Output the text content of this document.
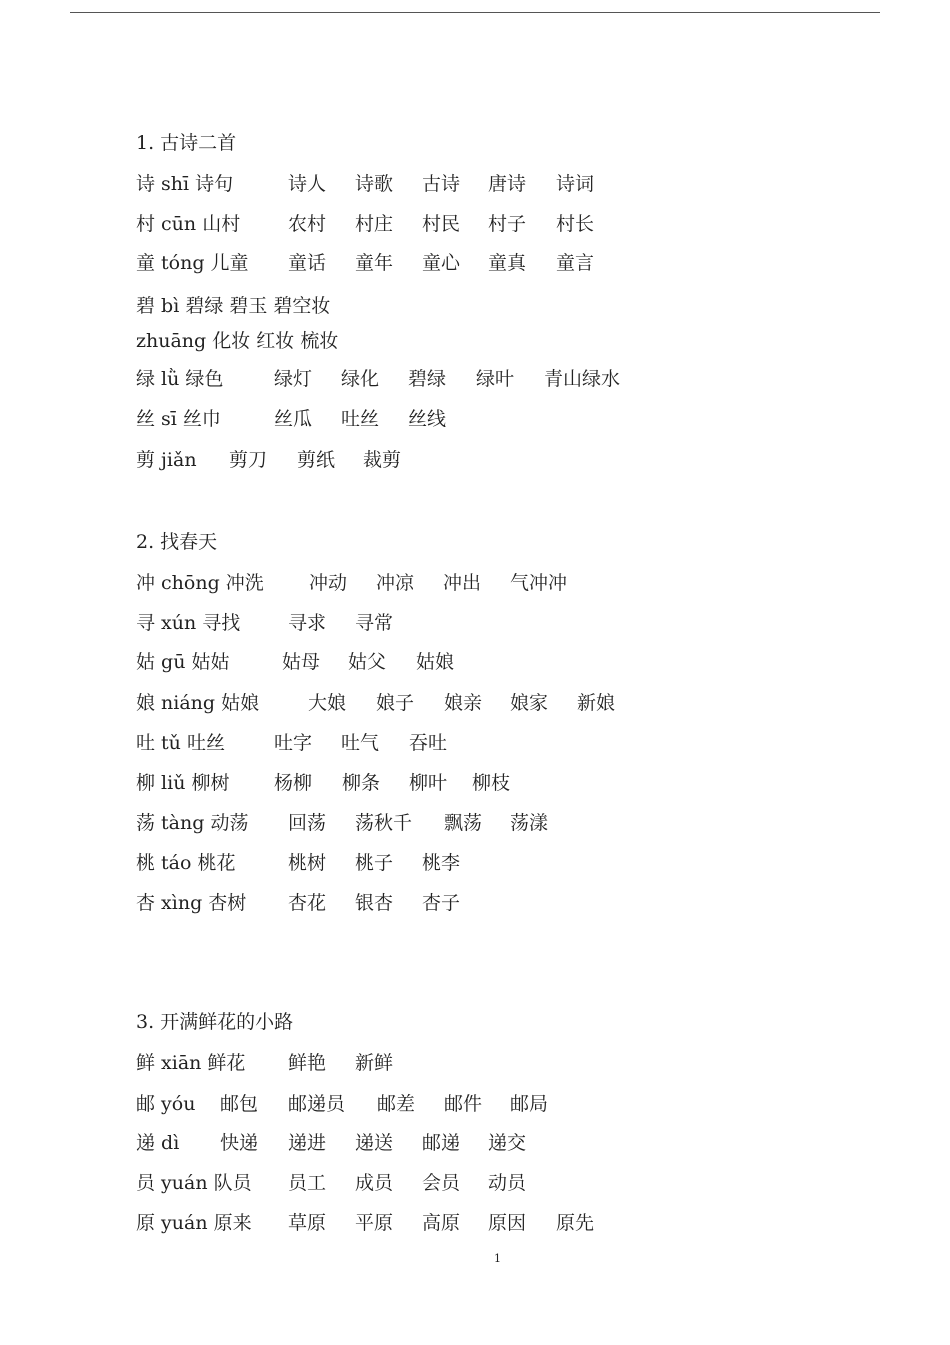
1. 古诗二首
诗 shī 诗句	诗人 诗歌 古诗 唐诗 诗词
村 cūn 山村	农村 村庄 村民 村子 村长
童 tóng 儿童 童话 童年 童心 童真 童言
碧 bì 碧绿 碧玉 碧空妆
zhuāng 化妆 红妆 梳妆
绿 lǜ 绿色	绿灯 绿化 碧绿 绿叶 青山绿水
丝 sī 丝巾	丝瓜 吐丝 丝线
剪 jiǎn 剪刀 剪纸 裁剪
2. 找春天
冲 chōng 冲洗 冲动 冲凉 冲出 气冲冲
寻 xún 寻找	寻求 寻常
姑 gū 姑姑	姑母 姑父 姑娘
娘 niáng 姑娘	大娘 娘子 娘亲 娘家 新娘
吐 tǔ 吐丝	吐字 吐气 吞吐
柳 liǔ 柳树 杨柳 柳条 柳叶 柳枝
荡 tàng 动荡 回荡 荡秋千 飘荡 荡漾
桃 táo 桃花	桃树 桃子 桃李
杏 xìng 杏树 杏花 银杏 杏子
3. 开满鲜花的小路
鲜 xiān 鲜花 鲜艳 新鲜
邮 yóu 邮包 邮递员 邮差 邮件 邮局
递 dì 快递 递进 递送 邮递 递交
员 yuán 队员 员工 成员 会员 动员
原 yuán 原来 草原 平原 高原 原因 原先
1
